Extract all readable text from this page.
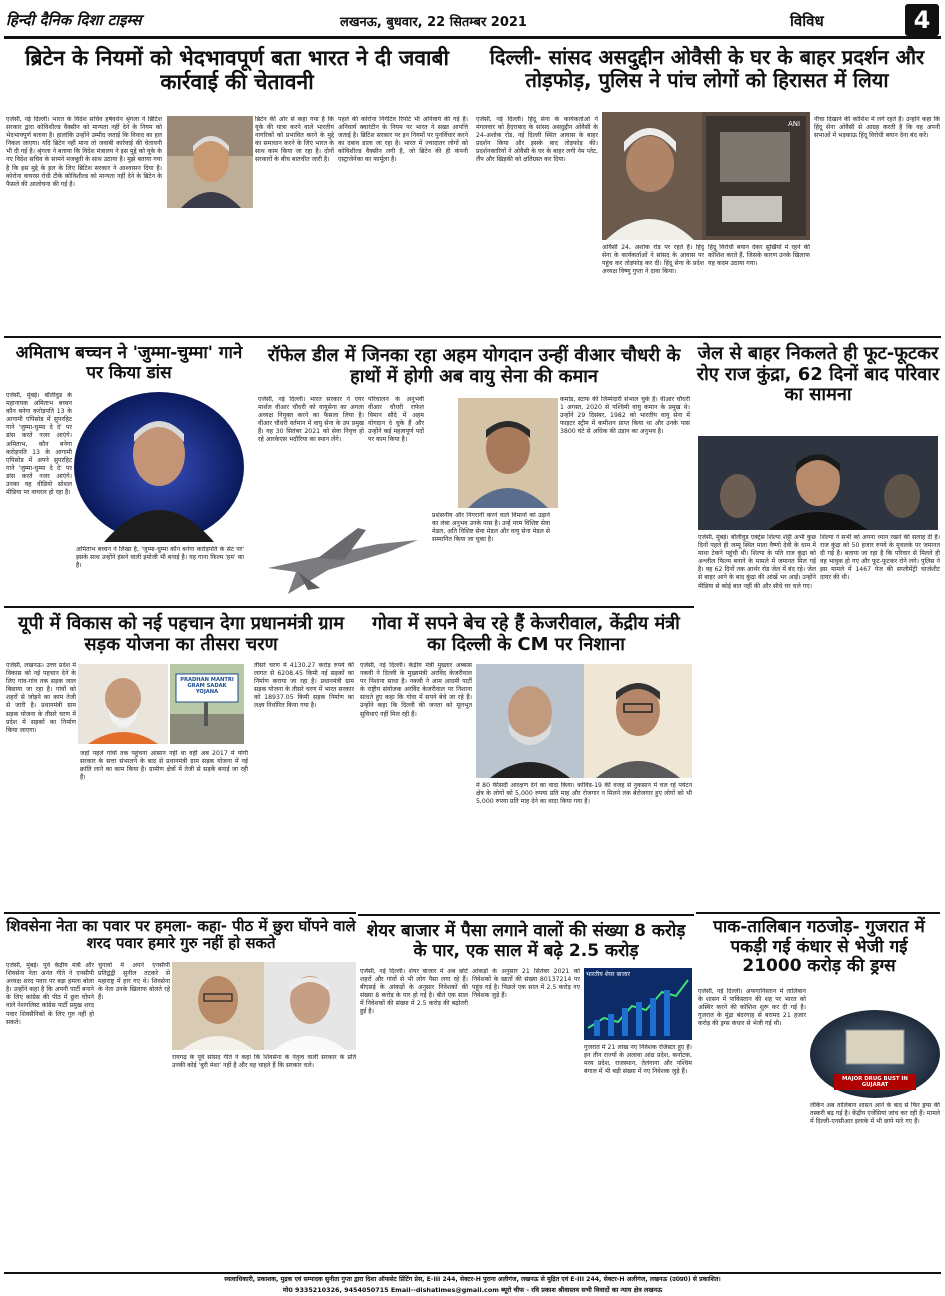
हिन्दी दैनिक दिशा टाइम्स	लखनऊ, बुधवार, 22 सितम्बर 2021	विविध	4
ब्रिटेन के नियमों को भेदभावपूर्ण बता भारत ने दी जवाबी कार्रवाई की चेतावनी
एजेंसी, नई दिल्ली। भारत के विदेश सचिव हर्षवर्धन श्रृंगला ने ब्रिटिश सरकार द्वारा कोविशील्ड वैक्सीन को मान्यता नहीं देने के नियम को भेदभावपूर्ण बताया है। हालांकि उन्होंने उम्मीद जताई कि विवाद का हल निकल जाएगा। यदि ब्रिटेन नहीं माना तो जवाबी कार्रवाई की चेतावनी भी दी गई है। श्रृंगला ने बताया कि विदेश मंत्रालय ने इस मुद्दे को यूके के नए विदेश सचिव के सामने मजबूती के साथ उठाया है। मुझे बताया गया है कि इस मुद्दे के हल के लिए ब्रिटिश सरकार ने आश्वासन दिया है। कोरोना वायरस रोधी टीके कोविशील्ड को मान्यता नहीं देने के ब्रिटेन के फैसले की आलोचना की गई है।
ब्रिटेन की ओर से कहा गया है कि यूके की यात्रा करने वाले भारतीय नागरिकों को प्रभावित करने के मुद्दे का समाधान करने के लिए भारत के साथ काम किया जा रहा है। दोनों सरकारों के बीच बातचीत जारी है।
पहले की कोरोना निगेटिव रिपोर्ट भी अनिवार्य की गई है। अनिवार्य क्वारंटीन के नियम पर भारत ने सख्त आपत्ति जताई है। ब्रिटिश सरकार पर इन नियमों पर पुनर्विचार करने का दबाव डाला जा रहा है। भारत में ज्यादातर लोगों को कोविशील्ड वैक्सीन लगी है, जो ब्रिटेन की ही कंपनी एस्ट्राजेनेका का फार्मूला है।
दिल्ली- सांसद असदुद्दीन ओवैसी के घर के बाहर प्रदर्शन और तोड़फोड़, पुलिस ने पांच लोगों को हिरासत में लिया
एजेंसी, नई दिल्ली। हिंदू सेना के कार्यकर्ताओं ने मंगलवार को हैदराबाद के सांसद असदुद्दीन ओवैसी के 24-अशोक रोड, नई दिल्ली स्थित आवास के बाहर प्रदर्शन किया और इसके बाद तोड़फोड़ की। प्रदर्शनकारियों ने ओवैसी के घर के बाहर लगी नेम प्लेट, लैंप और खिड़की को क्षतिग्रस्त कर दिया।
ANI
ओवैसी 24, अशोक रोड पर रहते हैं। हिंदू सेना के कार्यकर्ताओं ने सांसद के आवास पर पहुंच कर तोड़फोड़ कर दी। हिंदू सेना के प्रदेश अध्यक्ष विष्णु गुप्ता ने दावा किया।
हिंदू विरोधी बयान देकर सुर्खियों में रहने की कोशिश करते हैं, जिसके कारण उनके खिलाफ यह कदम उठाया गया।
नीचा दिखाने की कोशिश में लगे रहते हैं। उन्होंने कहा कि हिंदू सेना ओवैसी से आग्रह करती है कि वह अपनी सभाओं में भड़काऊ हिंदू विरोधी बयान देना बंद करें।
अमिताभ बच्चन ने 'जुम्मा-चुम्मा' गाने पर किया डांस
एजेंसी, मुंबई। बॉलीवुड के महानायक अमिताभ बच्चन कौन बनेगा करोड़पति 13 के आगामी एपिसोड में सुपरहिट गाने 'जुम्मा-चुम्मा दे दे' पर डांस करते नजर आएंगे। अमिताभ, कौन बनेगा करोड़पति 13 के आगामी एपिसोड में अपने सुपरहिट गाने 'जुम्मा-चुम्मा दे दे' पर डांस करते नजर आएंगे। उनका यह वीडियो सोशल मीडिया पर वायरल हो रहा है।
अमिताभ बच्चन ने लिखा है, 'जुम्मा-चुम्मा कौन बनेगा करोड़पति के सेट पर' इसके साथ उन्होंने हंसने वाली इमोजी भी बनाई है। यह गाना फिल्म 'हम' का है।
रॉफेल डील में जिनका रहा अहम योगदान उन्हीं वीआर चौधरी के हाथों में होगी अब वायु सेना की कमान
एजेंसी, नई दिल्ली। भारत सरकार ने एयर मार्शल वीआर चौधरी को वायुसेना का अगला अध्यक्ष नियुक्त करने का फैसला लिया है। वीआर चौधरी वर्तमान में वायु सेना के उप प्रमुख हैं। वह 30 सितंबर 2021 को सेवा निवृत्त हो रहे आरकेएस भदौरिया का स्थान लेंगे।
परिचालन के अनुभवी वीआर चौधरी राफेल विमान सौदे में अहम योगदान दे चुके हैं और उन्होंने कई महत्वपूर्ण पदों पर काम किया है।
प्रशंसनीय और निगरानी करने वाले विमानों को उड़ाने का लंबा अनुभव उनके पास है। उन्हें परम विशिष्ट सेवा मेडल, अति विशिष्ट सेवा मेडल और वायु सेना मेडल से सम्मानित किया जा चुका है।
कमांड, स्टाफ की जिम्मेदारी संभाल चुके हैं। वीआर चौधरी 1 अगस्त, 2020 से पश्चिमी वायु कमान के प्रमुख थे। उन्होंने 29 दिसंबर, 1982 को भारतीय वायु सेना में फाइटर स्ट्रीम में कमीशन प्राप्त किया था और उनके पास 3800 घंटे से अधिक की उड़ान का अनुभव है।
जेल से बाहर निकलते ही फूट-फूटकर रोए राज कुंद्रा, 62 दिनों बाद परिवार का सामना
एजेंसी, मुंबई। बॉलीवुड एक्ट्रेस शिल्पा शेट्टी अभी कुछ दिनों पहले ही जम्मू स्थित माता वैष्णो देवी के धाम में माथा टेकने पहुंची थीं। शिल्पा के पति राज कुंद्रा को अश्लील फिल्म बनाने के मामले में जमानत मिल गई है। वह 62 दिनों तक आर्थर रोड जेल में बंद रहे। जेल से बाहर आने के बाद कुंद्रा की आंखें भर आईं। उन्होंने मीडिया से कोई बात नहीं की और सीधे घर चले गए।
शिल्पा ने सभी को अपना ध्यान रखने की सलाह दी है। राज कुंद्रा को 50 हजार रुपये के मुचलके पर जमानत दी गई है। बताया जा रहा है कि परिवार से मिलते ही वह भावुक हो गए और फूट-फूटकर रोने लगे। पुलिस ने इस मामले में 1467 पेज की सप्लीमेंट्री चार्जशीट दायर की थी।
यूपी में विकास को नई पहचान देगा प्रधानमंत्री ग्राम सड़क योजना का तीसरा चरण
एजेंसी, लखनऊ। उत्तर प्रदेश में विकास को नई पहचान देने के लिए गांव-गांव तक सड़क जाल बिछाया जा रहा है। गांवों को शहरों से जोड़ने का काम तेजी से जारी है। प्रधानमंत्री ग्राम सड़क योजना के तीसरे चरण में प्रदेश में सड़कों का निर्माण किया जाएगा।
PRADHAN MANTRI GRAM SADAK YOJANA
तीसरे चरण में 4130.27 करोड़ रुपये की लागत से 6208.45 किमी नई सड़कों का निर्माण कराया जा रहा है। प्रधानमंत्री ग्राम सड़क योजना के तीसरे चरण में भारत सरकार को 18937.05 किमी सड़क निर्माण का लक्ष्य निर्धारित किया गया है।
जहां पहले गांवों तक पहुंचना आसान नहीं था वहीं अब 2017 में योगी सरकार के सत्ता संभालने के बाद से प्रधानमंत्री ग्राम सड़क योजना में नई क्रांति लाने का काम किया है। ग्रामीण क्षेत्रों में तेजी से सड़कें बनाई जा रही हैं।
गोवा में सपने बेच रहे हैं केजरीवाल, केंद्रीय मंत्री का दिल्ली के CM पर निशाना
एजेंसी, नई दिल्ली। केंद्रीय मंत्री मुख्तार अब्बास नकवी ने दिल्ली के मुख्यमंत्री अरविंद केजरीवाल पर निशाना साधा है। नकवी ने आम आदमी पार्टी के राष्ट्रीय संयोजक अरविंद केजरीवाल पर निशाना साधते हुए कहा कि गोवा में सपने बेचे जा रहे हैं। उन्होंने कहा कि दिल्ली की जनता को मूलभूत सुविधाएं नहीं मिल रही हैं।
में 80 फीसदी आरक्षण देने का वादा किया। कोविड-19 की वजह से नुकसान में चल रहे पर्यटन क्षेत्र के लोगों को 5,000 रुपया प्रति माह और रोजगार न मिलने तक बेरोजगार हुए लोगों को भी 5,000 रुपया प्रति माह देने का वादा किया गया है।
शेयर बाजार में पैसा लगाने वालों की संख्या 8 करोड़ के पार, एक साल में बढ़े 2.5 करोड़
एजेंसी, नई दिल्ली। शेयर बाजार में अब छोटे शहरों और गांवों से भी लोग पैसा लगा रहे हैं। बीएसई के आंकड़ों के अनुसार निवेशकों की संख्या 8 करोड़ के पार हो गई है। बीते एक साल में निवेशकों की संख्या में 2.5 करोड़ की बढ़ोतरी हुई है।
आंकड़ों के अनुसार 21 सितंबर 2021 को निवेशकों के खातों की संख्या 80137214 पर पहुंच गई है। पिछले एक साल में 2.5 करोड़ नए निवेशक जुड़े हैं।
भारतीय शेयर बाजार
गुजरात में 21 लाख नए निवेशक रजिस्टर हुए हैं। इन तीन राज्यों के अलावा आंध्र प्रदेश, कर्नाटक, मध्य प्रदेश, राजस्थान, तेलंगाना और पश्चिम बंगाल में भी बड़ी संख्या में नए निवेशक जुड़े हैं।
शिवसेना नेता का पवार पर हमला- कहा- पीठ में छुरा घोंपने वाले शरद पवार हमारे गुरु नहीं हो सकते
एजेंसी, मुंबई। पूर्व केंद्रीय मंत्री और शिवसेना नेता अनंत गीते ने एनसीपी अध्यक्ष शरद पवार पर बड़ा हमला बोला है। उन्होंने कहा है कि अपनी पार्टी बनाने के लिए कांग्रेस की पीठ में छुरा घोंपने वाले नेशनलिस्ट कांग्रेस पार्टी प्रमुख शरद पवार शिवसैनिकों के लिए गुरु नहीं हो सकते।
चुनावों में अपने एनसीपी प्रतिद्वंद्वी सुनील तटकरे से महाराष्ट्र में हार गए थे। शिवसेना के नेता उनके खिलाफ बोलते रहे हैं।
रायगढ़ के पूर्व सांसद गीते ने कहा कि शिवसेना के नेतृत्व वाली सरकार के प्रति उनकी कोई 'बुरी मंशा' नहीं है और वह चाहते हैं कि सरकार चले।
पाक-तालिबान गठजोड़- गुजरात में पकड़ी गई कंधार से भेजी गई 21000 करोड़ की ड्रग्स
एजेंसी, नई दिल्ली। अफगानिस्तान में तालिबान के शासन में पाकिस्तान की शह पर भारत को अस्थिर करने की कोशिश शुरू कर दी गई है। गुजरात के मुंद्रा बंदरगाह से बरामद 21 हजार करोड़ की ड्रग्स कंधार से भेजी गई थी।
MAJOR DRUG BUST IN GUJARAT
लेकिन अब तालिबान शासन आने के बाद से फिर ड्रग्स की तस्करी बढ़ गई है। केंद्रीय एजेंसियां जांच कर रही हैं। मामले में दिल्ली-एनसीआर इलाके में भी छापे मारे गए हैं।
स्वत्वाधिकारी, प्रकाशक, मुद्रक एवं सम्पादक सुनीता गुप्ता द्वारा दिशा ऑफसेट प्रिंटिंग प्रेस, E-III 244, सेक्टर-H पुराना अलीगंज, लखनऊ से मुद्रित एवं E-III 244, सेक्टर-H अलीगंज, लखनऊ (उ0प्र0) से प्रकाशित।
मो0 9335210326, 9454050715 Email--dishatimes@gmail.com ब्यूरो चीफ - रवि प्रकाश श्रीवास्तव सभी विवादों का न्याय क्षेत्र लखनऊ
